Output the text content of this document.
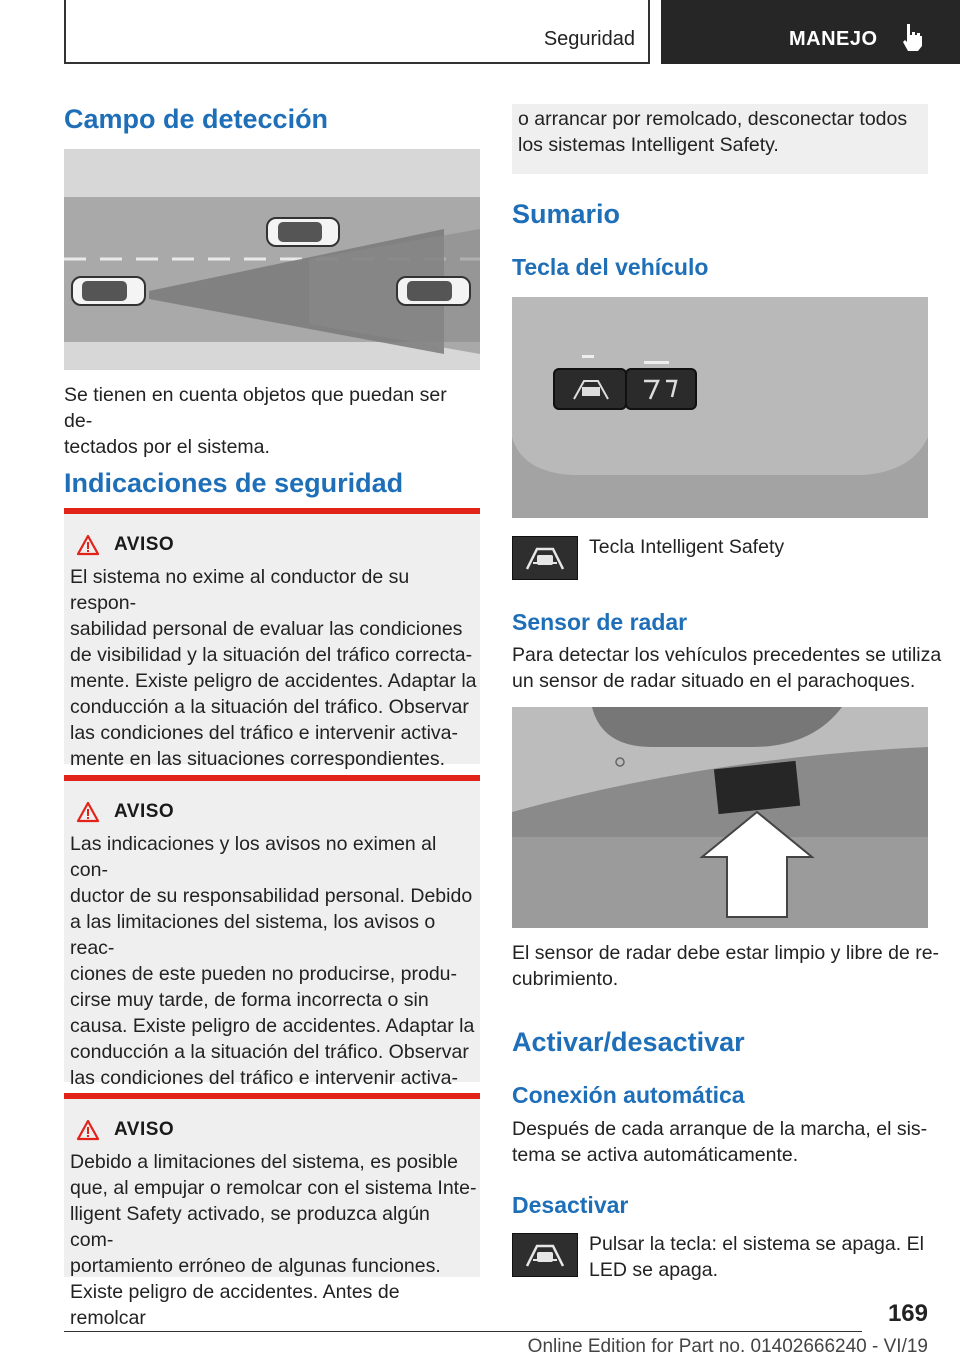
Seguridad	MANEJO
Campo de detección

Se tienen en cuenta objetos que puedan ser de-
tectados por el sistema.

Indicaciones de seguridad
AVISO

El sistema no exime al conductor de su respon-
sabilidad personal de evaluar las condiciones
de visibilidad y la situación del tráfico correcta-
mente. Existe peligro de accidentes. Adaptar la
conducción a la situación del tráfico. Observar
las condiciones del tráfico e intervenir activa-
mente en las situaciones correspondientes.

AVISO

Las indicaciones y los avisos no eximen al con-
ductor de su responsabilidad personal. Debido
a las limitaciones del sistema, los avisos o reac-
ciones de este pueden no producirse, produ-
cirse muy tarde, de forma incorrecta o sin
causa. Existe peligro de accidentes. Adaptar la
conducción a la situación del tráfico. Observar
las condiciones del tráfico e intervenir activa-

AVISO

Debido a limitaciones del sistema, es posible
que, al empujar o remolcar con el sistema Inte-
lligent Safety activado, se produzca algún com-
portamiento erróneo de algunas funciones.
Existe peligro de accidentes. Antes de remolcar

o arrancar por remolcado, desconectar todos
los sistemas Intelligent Safety.

Sumario
Tecla del vehículo

Tecla Intelligent Safety

Sensor de radar

Para detectar los vehículos precedentes se utiliza
un sensor de radar situado en el parachoques.

El sensor de radar debe estar limpio y libre de re-
cubrimiento.

Activar/desactivar
Conexión automática

Después de cada arranque de la marcha, el sis-
tema se activa automáticamente.

Desactivar

Pulsar la tecla: el sistema se apaga. El
LED se apaga.

169
Online Edition for Part no. 01402666240 - VI/19
